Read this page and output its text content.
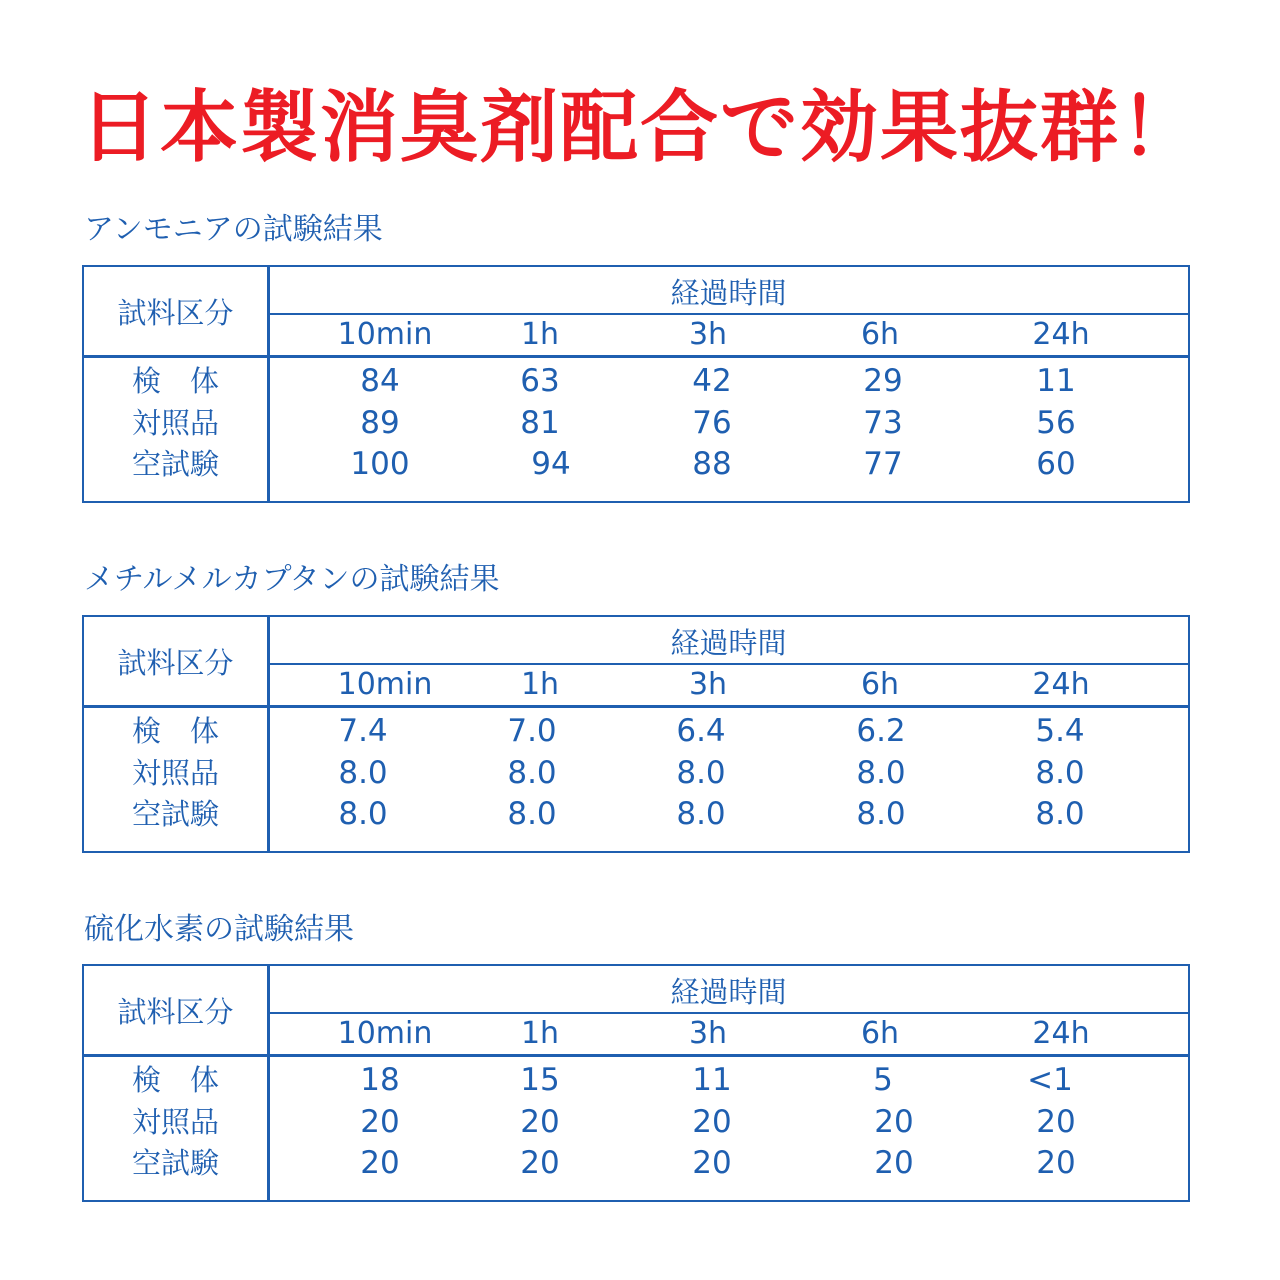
日本製消臭剤配合で効果抜群！
アンモニアの試験結果
試料区分
経過時間
10min	1h	3h	6h	24h
検　体	84	63	42	29	11
対照品	89	81	76	73	56
空試験	100	94	88	77	60
メチルメルカプタンの試験結果
試料区分
経過時間
10min	1h	3h	6h	24h
検　体	7.4	7.0	6.4	6.2	5.4
対照品	8.0	8.0	8.0	8.0	8.0
空試験	8.0	8.0	8.0	8.0	8.0
硫化水素の試験結果
試料区分
経過時間
10min	1h	3h	6h	24h
検　体	18	15	11	5	<1
対照品	20	20	20	20	20
空試験	20	20	20	20	20
